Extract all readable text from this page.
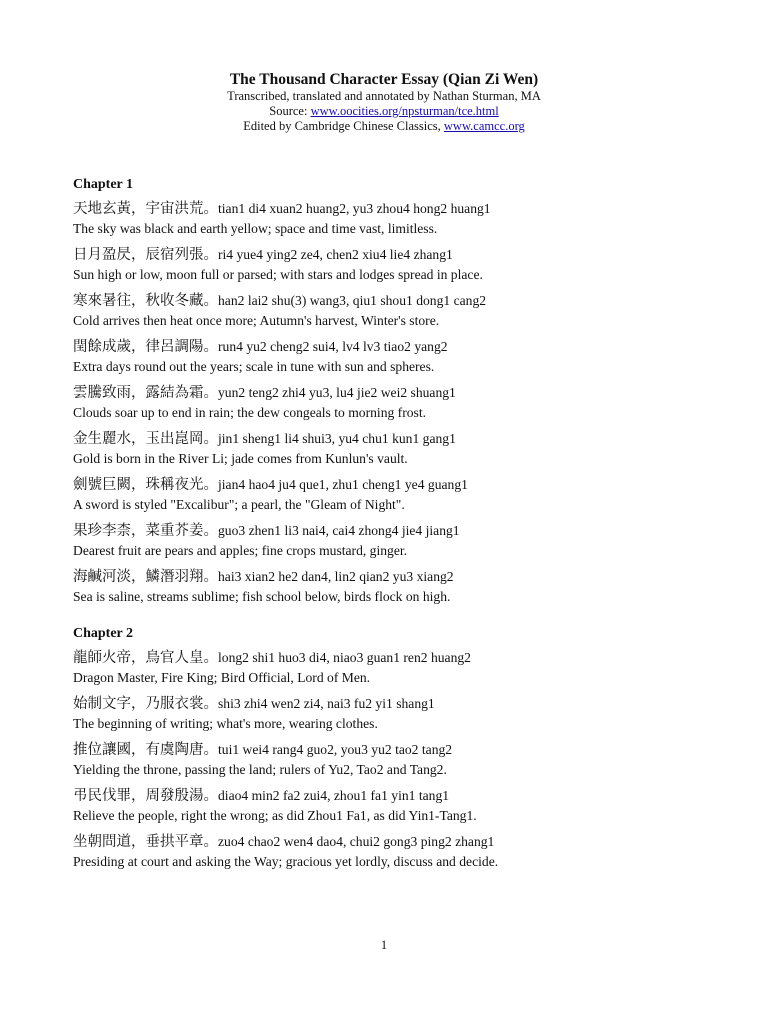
The Thousand Character Essay (Qian Zi Wen)

Transcribed, translated and annotated by Nathan Sturman, MA

Source: www.oocities.org/npsturman/tce.html

Edited by Cambridge Chinese Classics, www.camcc.org

Chapter 1

天地玄黃，宇宙洪荒。tian1 di4 xuan2 huang2, yu3 zhou4 hong2 huang1

The sky was black and earth yellow; space and time vast, limitless.

日月盈昃，辰宿列張。ri4 yue4 ying2 ze4, chen2 xiu4 lie4 zhang1

Sun high or low, moon full or parsed; with stars and lodges spread in place.

寒來暑往，秋收冬藏。han2 lai2 shu(3) wang3, qiu1 shou1 dong1 cang2

Cold arrives then heat once more; Autumn's harvest, Winter's store.

閏餘成歲，律呂調陽。run4 yu2 cheng2 sui4, lv4 lv3 tiao2 yang2

Extra days round out the years; scale in tune with sun and spheres.

雲騰致雨，露結為霜。yun2 teng2 zhi4 yu3, lu4 jie2 wei2 shuang1

Clouds soar up to end in rain; the dew congeals to morning frost.

金生麗水，玉出崑岡。jin1 sheng1 li4 shui3, yu4 chu1 kun1 gang1

Gold is born in the River Li; jade comes from Kunlun's vault.

劍號巨闕，珠稱夜光。jian4 hao4 ju4 que1, zhu1 cheng1 ye4 guang1

A sword is styled "Excalibur"; a pearl, the "Gleam of Night".

果珍李柰，菜重芥姜。guo3 zhen1 li3 nai4, cai4 zhong4 jie4 jiang1

Dearest fruit are pears and apples; fine crops mustard, ginger.

海鹹河淡，鱗潛羽翔。hai3 xian2 he2 dan4, lin2 qian2 yu3 xiang2

Sea is saline, streams sublime; fish school below, birds flock on high.

Chapter 2

龍師火帝，鳥官人皇。long2 shi1 huo3 di4, niao3 guan1 ren2 huang2

Dragon Master, Fire King; Bird Official, Lord of Men.

始制文字，乃服衣裳。shi3 zhi4 wen2 zi4, nai3 fu2 yi1 shang1

The beginning of writing; what's more, wearing clothes.

推位讓國，有虞陶唐。tui1 wei4 rang4 guo2, you3 yu2 tao2 tang2

Yielding the throne, passing the land; rulers of Yu2, Tao2 and Tang2.

弔民伐罪，周發殷湯。diao4 min2 fa2 zui4, zhou1 fa1 yin1 tang1

Relieve the people, right the wrong; as did Zhou1 Fa1, as did Yin1-Tang1.

坐朝問道，垂拱平章。zuo4 chao2 wen4 dao4, chui2 gong3 ping2 zhang1

Presiding at court and asking the Way; gracious yet lordly, discuss and decide.

1
